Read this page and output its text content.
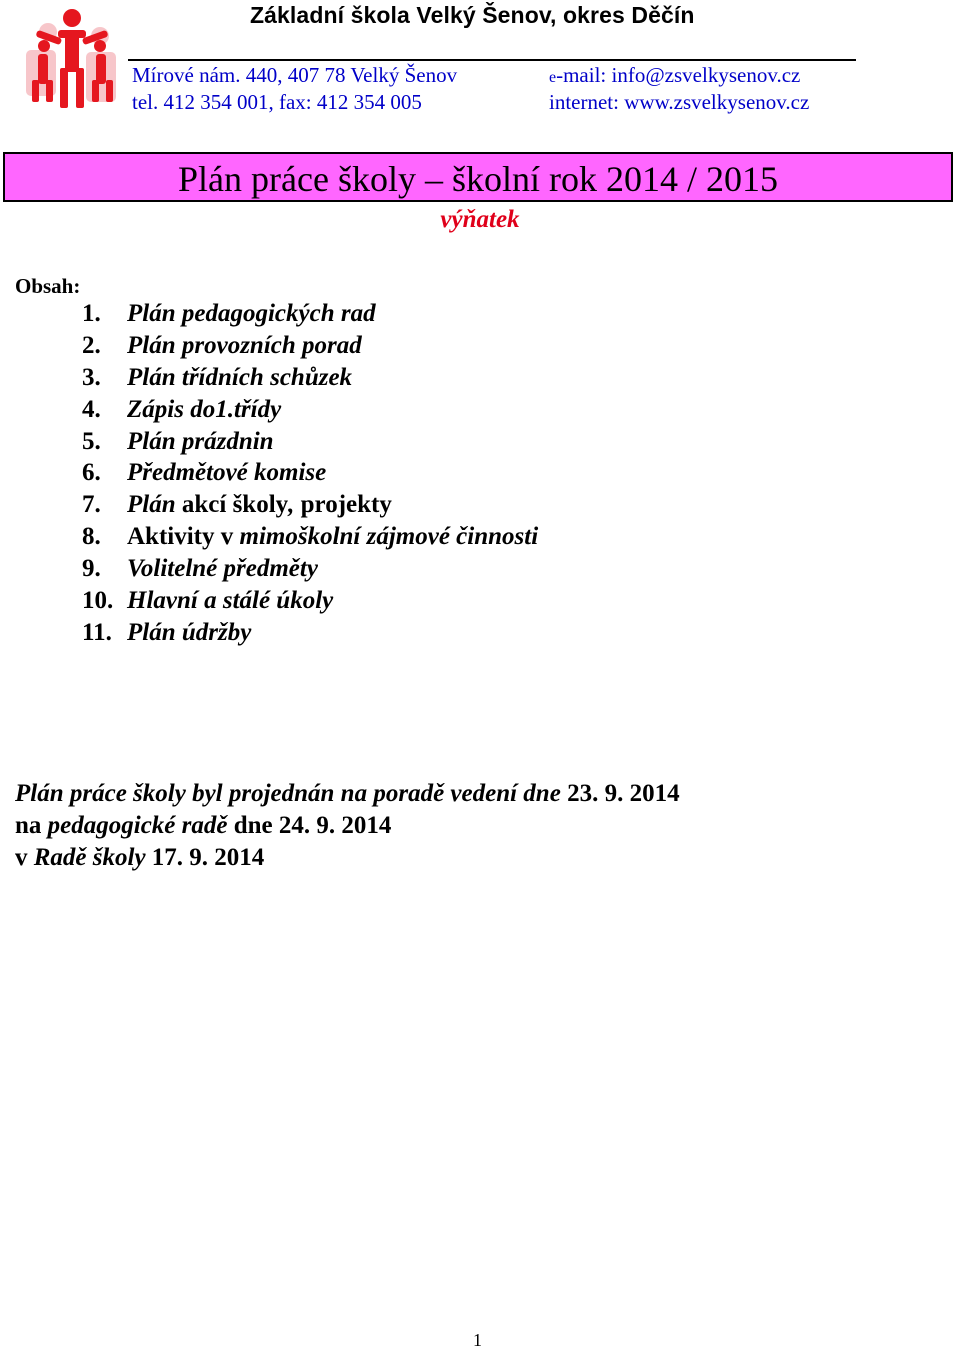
Základní škola Velký Šenov, okres Děčín
Mírové nám. 440, 407 78 Velký Šenov	e-mail: info@zsvelkysenov.cz
tel. 412 354 001, fax: 412 354 005	internet: www.zsvelkysenov.cz
Plán práce školy – školní rok 2014 / 2015
výňatek
Obsah:
1. Plán pedagogických rad
2. Plán provozních porad
3. Plán třídních schůzek
4. Zápis do1.třídy
5. Plán prázdnin
6. Předmětové komise
7. Plán akcí školy, projekty
8. Aktivity v mimoškolní zájmové činnosti
9. Volitelné předměty
10. Hlavní a stálé úkoly
11. Plán údržby
Plán práce školy byl projednán na poradě vedení dne 23. 9. 2014
na pedagogické radě dne 24. 9. 2014
v Radě školy 17. 9. 2014
1
